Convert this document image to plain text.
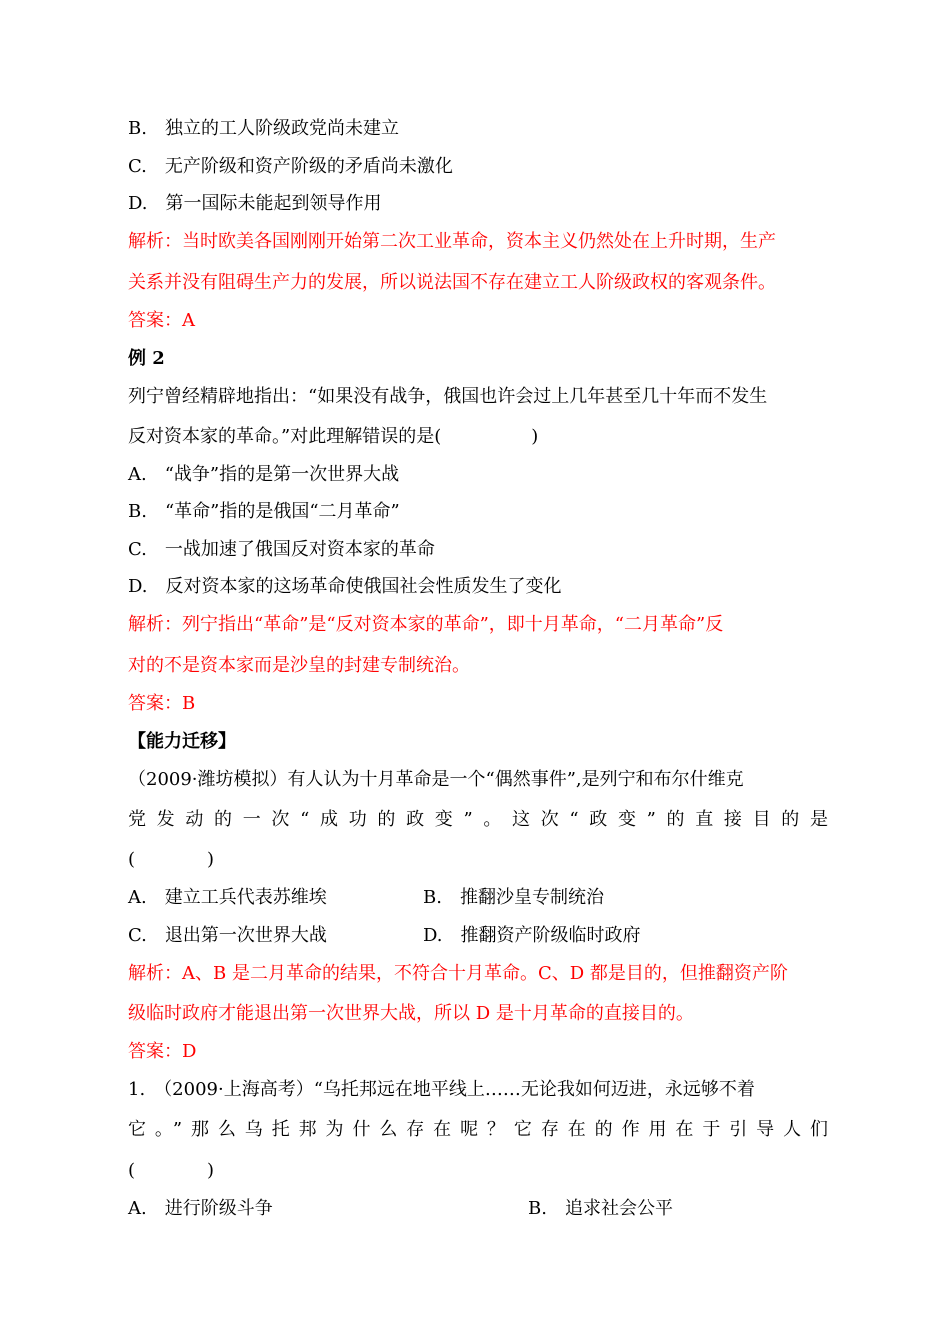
B.　独立的工人阶级政党尚未建立
C.　无产阶级和资产阶级的矛盾尚未激化
D.　第一国际未能起到领导作用
解析：当时欧美各国刚刚开始第二次工业革命，资本主义仍然处在上升时期，生产
关系并没有阻碍生产力的发展，所以说法国不存在建立工人阶级政权的客观条件。
答案：A
例 2
列宁曾经精辟地指出：“如果没有战争，俄国也许会过上几年甚至几十年而不发生
反对资本家的革命。”对此理解错误的是(　　　　　)
A.　“战争”指的是第一次世界大战
B.　“革命”指的是俄国“二月革命”
C.　一战加速了俄国反对资本家的革命
D.　反对资本家的这场革命使俄国社会性质发生了变化
解析：列宁指出“革命”是“反对资本家的革命”，即十月革命，“二月革命”反
对的不是资本家而是沙皇的封建专制统治。
答案：B
【能力迁移】
（2009·潍坊模拟）有人认为十月革命是一个“偶然事件”,是列宁和布尔什维克
党发动的一次“成功的政变”。这次“政变”的直接目的是
(　　　　)
A.　建立工兵代表苏维埃	B.　推翻沙皇专制统治
C.　退出第一次世界大战	D.　推翻资产阶级临时政府
解析：A、B 是二月革命的结果，不符合十月革命。C、D 都是目的，但推翻资产阶
级临时政府才能退出第一次世界大战，所以 D 是十月革命的直接目的。
答案：D
1.　（2009·上海高考）“乌托邦远在地平线上……无论我如何迈进，永远够不着
它。”那么乌托邦为什么存在呢？它存在的作用在于引导人们
(　　　　)
A.　进行阶级斗争	B.　追求社会公平
